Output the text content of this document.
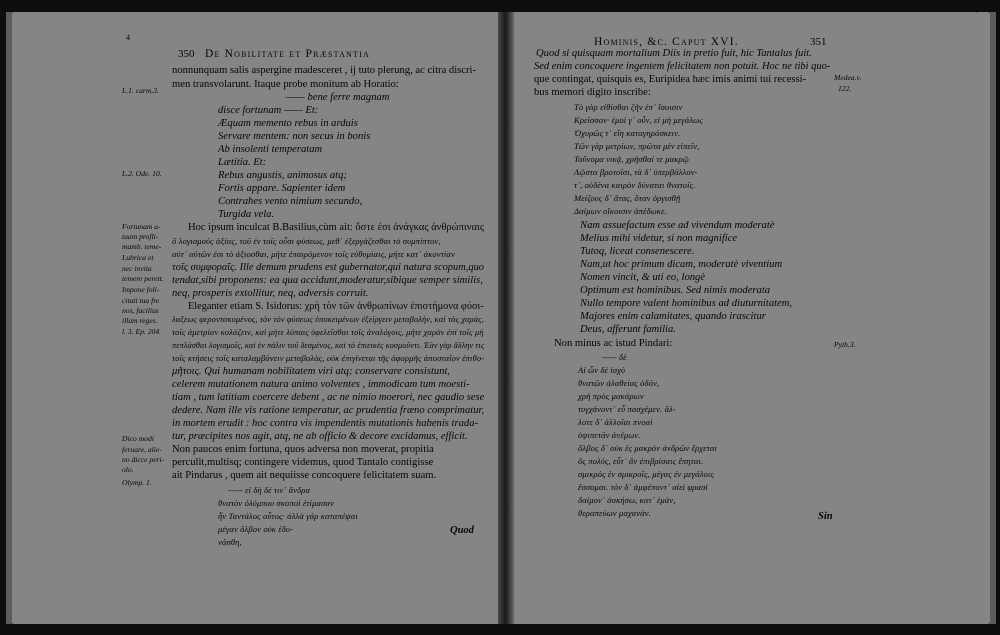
350 De Nobilitate et Præstantia
4
nonnunquam salis aspergine madesceret , ij tuto plerung, ac citra discri-
men transvolarunt. Itaque probe monitum ab Horatio:
—— bene ferre magnam
disce fortunam —— Et:
Æquam memento rebus in arduis
Servare mentem: non secus in bonis
Ab insolenti temperatam
Lætitia. Et:
Rebus angustis, animosus atq;
Fortis appare. Sapienter idem
Contrahes vento nimium secundo,
Turgida vela.
Hoc ipsum inculcat B.Basilius,cùm ait: ὅστε ἐσι ἀνάγκας ἀνθρώπιναις
ὅ λογισμοὺς ἀξίας, τοῦ ἐν τοῖς οὖσι φύσεως, μεθ᾽ ἐξεργάζεσθαι τὸ συμπίπτον,
αὐτ᾽ αὐτῶν ἐσι τὸ ἀξιοσθαι, μὴτε ἐπαιρόμενον τοῖς εὐθυμίαις, μήτε κατ᾽ ἀκοντίαν
τοῖς συμφοραῖς. Ille demum prudens est gubernator,qui natura scopum,quo
tendat,sibi proponens: ea qua accidunt,moderatur,sibique semper similis,
neq, prosperis extollitur, neq, adversis corruit.
Eleganter etiam S. Isidorus: χρὴ τὸν τῶν ἀνθρωπίνων ἐπιστήμονα φύσι-
λαξεως φεροντακομένος, τὸν τὸν φύσεως ὑποκειμένων ἐξείργειν μεταβολὴν, καὶ τὰς χαρὰς,
τοῖς ἀμετρίαν κολάζειν, καὶ μήτε λύπαις ὑφελεῖσθαι τοῖς ἀναλόγοις, μήτε χαρὰν ἐπὶ τοῖς μὴ
πεπλάσθαι λογισμοῖς, καὶ ἐν πάλιν τοῦ δεσμὲνος, καὶ τὸ ἐπιεικὲς κοσμοῦντι. Ἐὰν γὰρ ἄλλην τις
τοῖς κτήσεις τοῖς καταλαμβάνειν μεταβολὰς, οὐκ ἐπιγίνεται τῆς ἀφορμῆς ἀποσταῖον ἐπιθο-
μῆτοις. Qui humanam nobilitatem viri atq; conservare consistunt,
celerem mutationem natura animo volventes , immodicam tum moesti-
tiam , tum latitiam coercere debent , ac ne nimio moerori, nec gaudio sese
dedere. Nam ille vis ratione temperatur, ac prudentia fræno comprimatur,
in mortem erudit : hoc contra vis impendentis mutationis habenis trada-
tur, præcipites nos agit, atq, ne ab officio & decore excidamus, efficit.
Non paucos enim fortuna, quos adversa non moverat, propitia
perculit,multisq; contingere videmus, quod Tantalo contigisse
ait Pindarus , quem ait nequiisse concoquere felicitatem suam.
----- εἰ δὴ δέ τιν᾽ ἄνδρα
θνατὸν ὀλύμπου σκοποὶ ἐτίμασαν
ἦν Ταντάλος οὗτος· ἀλλὰ γὰρ καταπέψαι
μέγαν ὄλβον οὐκ ἐδυ-
νάσθη,
L.1. carm.3.
L.2. Ode. 10.
Fortunam a-
tuam profli-
mamb. teme-
Lubrica et
nec invita
temere perett.
Impone foli-
citati tua fre
nos, facilius
illam reges.
l. 3. Ep. 204.
Dico modi
feruare, alie-
no dicce peri-
olo.
Olymp. 1.
Quod
Hominis, &c. Caput XVI.	351
·
Quod si quisquam mortalium Diis in pretio fuit, hic Tantalus fuit.
Sed enim concoquere ingentem felicitatem non potuit. Hoc ne tibi quo-
que contingat, quisquis es, Euripidea hæc imis animi tui recessi-
bus memori digito inscribe:
Τὸ γὰρ εἰθίσθαι ζῆν ἐπ᾽ ἴσοισιν
Κρεῖσσον· ἐμοὶ γ᾽ οὖν, εἰ μὴ μεγάλως
Ὀχυρῶς τ᾽ εἴη καταγηράσκειν.
Τῶν γὰρ μετρίων, πρῶτα μὲν εἰπεῖν,
Τοὔνομα νικᾷ, χρῆσθαί τε μακρῷ
Λῷστα βροτοῖσι, τὰ δ᾽ ὑπερβάλλον-
τ᾽, οὐδένα καιρὸν δύναται θνατοῖς.
Μείζους δ᾽ ἄτας, ὅταν ὀργισθῇ
Δαίμων οἴκοισιν ἀπέδωκε.
Nam assuefactum esse ad vivendum moderatè
Melius mihi videtur, si non magnifice
Tutoq, liceat consenescere.
Nam,ut hoc primum dicam, moderatè viventium
Nomen vincit, & uti eo, longè
Optimum est hominibus. Sed nimis moderata
Nullo tempore valent hominibus ad diuturnitatem,
Majores enim calamitates, quando irascitur
Deus, afferunt familia.
Non minus ac istud Pindari:
----- δὲ
Αἰ ὧν δὲ ἰσχὺ
θνατῶν ἀλαθείας ὁδόν,
χρὴ πρὸς μακάρων
τυγχάνοντ᾽ εὖ πασχέμεν. ἄλ-
λοτε δ᾽ ἀλλοῖαι πνοαὶ
ὑψιπετᾶν ἀνέμων.
ὄλβος δ᾽ οὐκ ἐς μακρὸν ἀνδρῶν ἔρχεται
ὅς πολὺς, εὖτ᾽ ἂν ἐπιβρίσαις ἕπηται.
σμικρὸς ἐν σμικροῖς, μέγας ἐν μεγάλοις
ἔσσομαι. τὸν δ᾽ ἀμφέποντ᾽ αἰεὶ φρασὶ
δαίμον᾽ ἀσκήσω, κατ᾽ ἐμὰν,
θεραπεύων μαχανάν.
Medea.v.
122.
Pyth.3.
Sin
